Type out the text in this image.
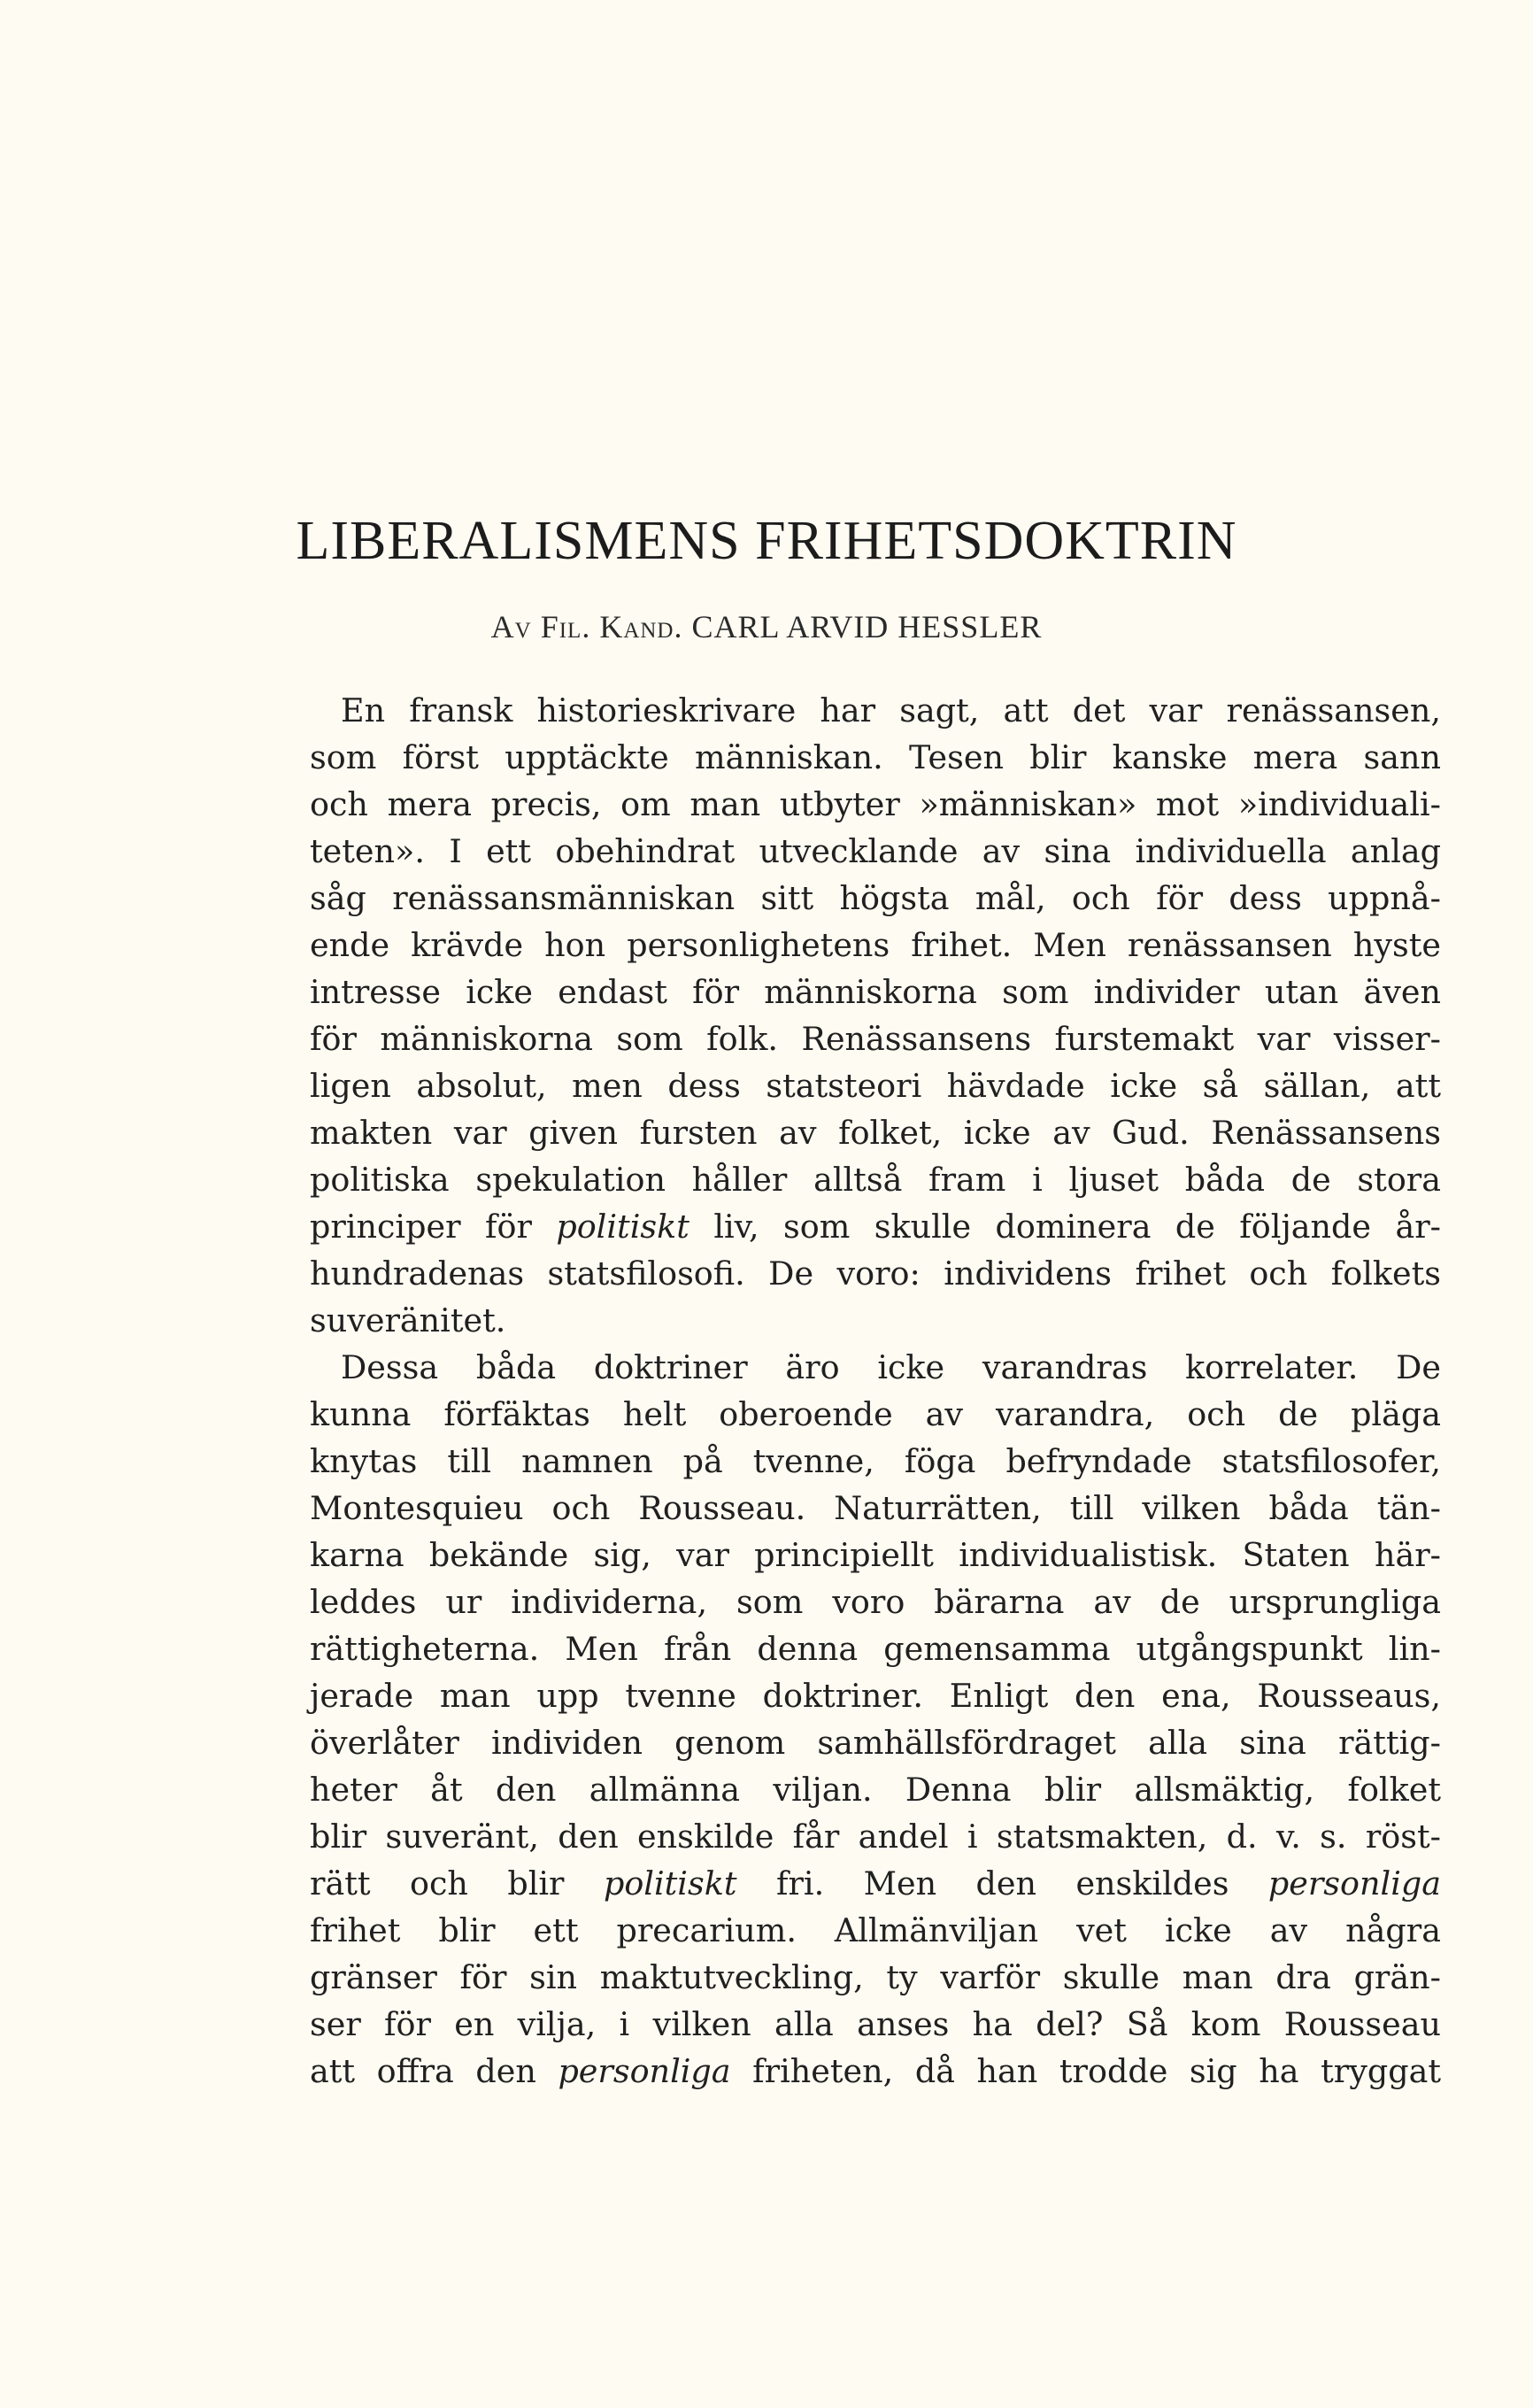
LIBERALISMENS FRIHETSDOKTRIN
Av Fil. Kand. CARL ARVID HESSLER
En fransk historieskrivare har sagt, att det var renässansen,
som först upptäckte människan. Tesen blir kanske mera sann
och mera precis, om man utbyter »människan» mot »individuali-
teten». I ett obehindrat utvecklande av sina individuella anlag
såg renässansmänniskan sitt högsta mål, och för dess uppnå-
ende krävde hon personlighetens frihet. Men renässansen hyste
intresse icke endast för människorna som individer utan även
för människorna som folk. Renässansens furstemakt var visser-
ligen absolut, men dess statsteori hävdade icke så sällan, att
makten var given fursten av folket, icke av Gud. Renässansens
politiska spekulation håller alltså fram i ljuset båda de stora
principer för politiskt liv, som skulle dominera de följande år-
hundradenas statsfilosofi. De voro: individens frihet och folkets
suveränitet.
Dessa båda doktriner äro icke varandras korrelater. De
kunna förfäktas helt oberoende av varandra, och de pläga
knytas till namnen på tvenne, föga befryndade statsfilosofer,
Montesquieu och Rousseau. Naturrätten, till vilken båda tän-
karna bekände sig, var principiellt individualistisk. Staten här-
leddes ur individerna, som voro bärarna av de ursprungliga
rättigheterna. Men från denna gemensamma utgångspunkt lin-
jerade man upp tvenne doktriner. Enligt den ena, Rousseaus,
överlåter individen genom samhällsfördraget alla sina rättig-
heter åt den allmänna viljan. Denna blir allsmäktig, folket
blir suveränt, den enskilde får andel i statsmakten, d. v. s. röst-
rätt och blir politiskt fri. Men den enskildes personliga
frihet blir ett precarium. Allmänviljan vet icke av några
gränser för sin maktutveckling, ty varför skulle man dra grän-
ser för en vilja, i vilken alla anses ha del? Så kom Rousseau
att offra den personliga friheten, då han trodde sig ha tryggat
